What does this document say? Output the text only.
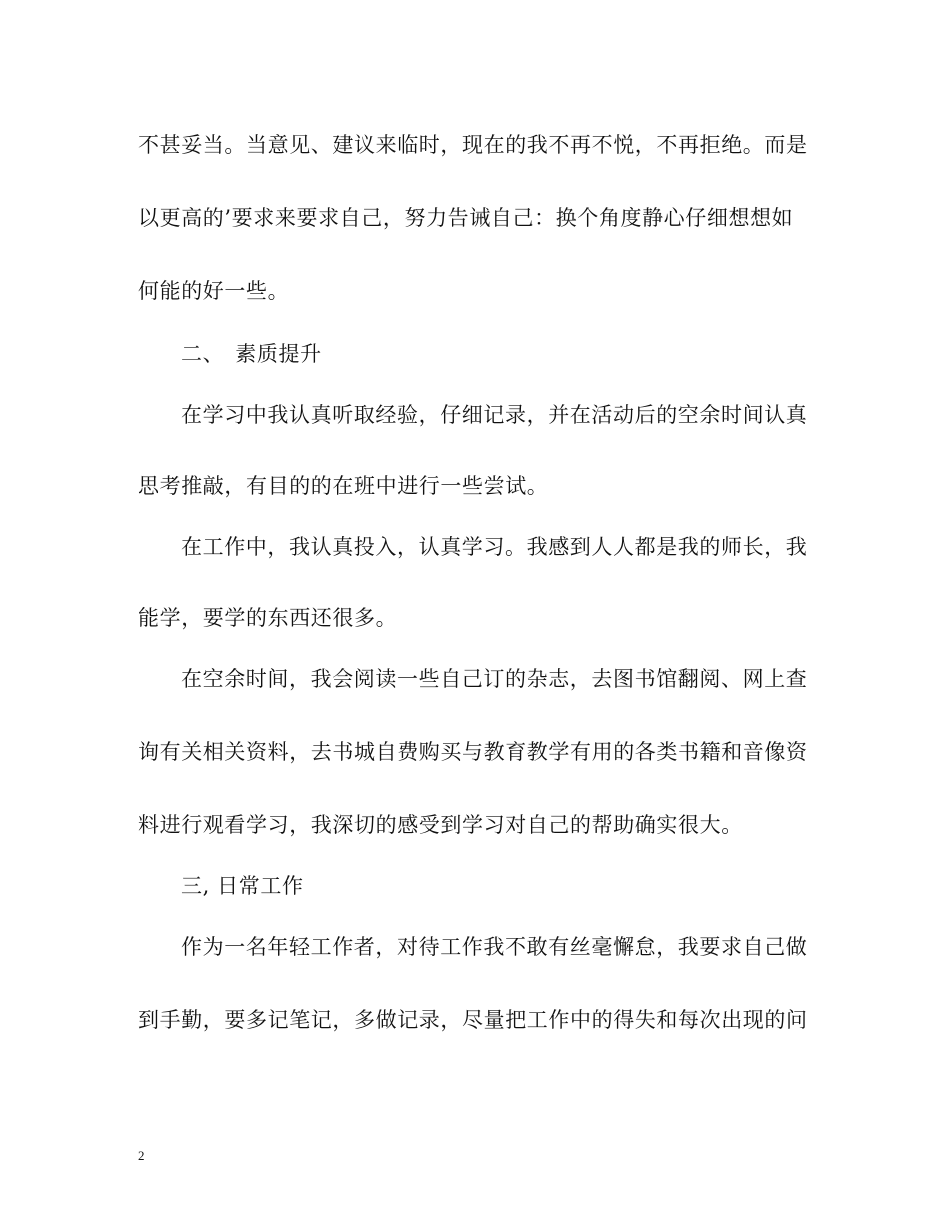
不甚妥当。当意见、建议来临时，现在的我不再不悦，不再拒绝。而是
以更高的’要求来要求自己，努力告诫自己：换个角度静心仔细想想如
何能的好一些。
二、　素质提升
在学习中我认真听取经验，仔细记录，并在活动后的空余时间认真
思考推敲，有目的的在班中进行一些尝试。
在工作中，我认真投入，认真学习。我感到人人都是我的师长，我
能学，要学的东西还很多。
在空余时间，我会阅读一些自己订的杂志，去图书馆翻阅、网上查
询有关相关资料，去书城自费购买与教育教学有用的各类书籍和音像资
料进行观看学习，我深切的感受到学习对自己的帮助确实很大。
三, 日常工作
作为一名年轻工作者，对待工作我不敢有丝毫懈怠，我要求自己做
到手勤，要多记笔记，多做记录，尽量把工作中的得失和每次出现的问
2
